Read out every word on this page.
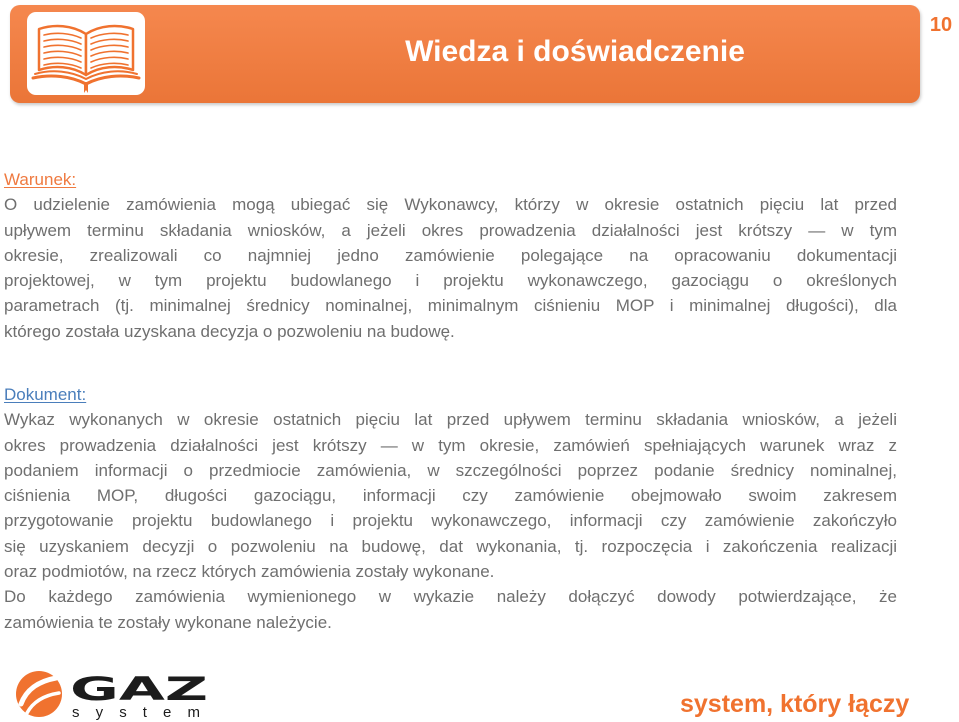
Wiedza i doświadczenie
10
Warunek:
O udzielenie zamówienia mogą ubiegać się Wykonawcy, którzy w okresie ostatnich pięciu lat przed
upływem terminu składania wniosków, a jeżeli okres prowadzenia działalności jest krótszy — w tym
okresie, zrealizowali co najmniej jedno zamówienie polegające na opracowaniu dokumentacji
projektowej, w tym projektu budowlanego i projektu wykonawczego, gazociągu o określonych
parametrach (tj. minimalnej średnicy nominalnej, minimalnym ciśnieniu MOP i minimalnej długości), dla
którego została uzyskana decyzja o pozwoleniu na budowę.
Dokument:
Wykaz wykonanych w okresie ostatnich pięciu lat przed upływem terminu składania wniosków, a jeżeli
okres prowadzenia działalności jest krótszy — w tym okresie, zamówień spełniających warunek wraz z
podaniem informacji o przedmiocie zamówienia, w szczególności poprzez podanie średnicy nominalnej,
ciśnienia MOP, długości gazociągu, informacji czy zamówienie obejmowało swoim zakresem
przygotowanie projektu budowlanego i projektu wykonawczego, informacji czy zamówienie zakończyło
się uzyskaniem decyzji o pozwoleniu na budowę, dat wykonania, tj. rozpoczęcia i zakończenia realizacji
oraz podmiotów, na rzecz których zamówienia zostały wykonane.
Do każdego zamówienia wymienionego w wykazie należy dołączyć dowody potwierdzające, że
zamówienia te zostały wykonane należycie.
GAZ
system	system, który łączy
